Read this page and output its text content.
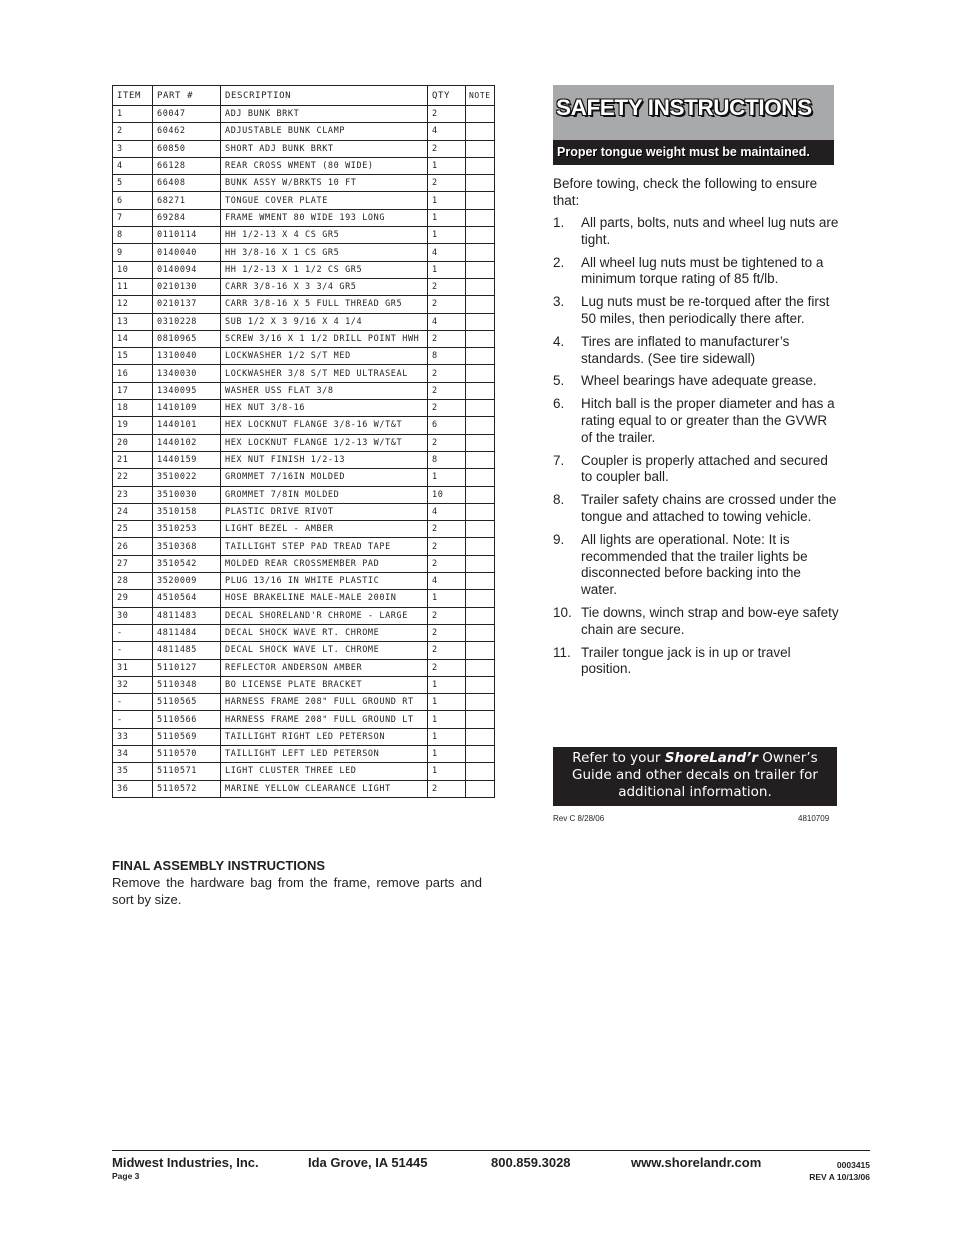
ITEM	PART #	DESCRIPTION	QTY	NOTE
1	60047	ADJ BUNK BRKT	2	
2	60462	ADJUSTABLE BUNK CLAMP	4	
3	60850	SHORT ADJ BUNK BRKT	2	
4	66128	REAR CROSS WMENT (80 WIDE)	1	
5	66408	BUNK ASSY W/BRKTS 10 FT	2	
6	68271	TONGUE COVER PLATE	1	
7	69284	FRAME WMENT 80 WIDE 193 LONG	1	
8	0110114	HH 1/2-13 X 4 CS GR5	1	
9	0140040	HH 3/8-16 X 1 CS GR5	4	
10	0140094	HH 1/2-13 X 1 1/2 CS GR5	1	
11	0210130	CARR 3/8-16 X 3 3/4 GR5	2	
12	0210137	CARR 3/8-16 X 5 FULL THREAD GR5	2	
13	0310228	SUB 1/2 X 3 9/16 X 4 1/4	4	
14	0810965	SCREW 3/16 X 1 1/2 DRILL POINT HWH	2	
15	1310040	LOCKWASHER 1/2 S/T MED	8	
16	1340030	LOCKWASHER 3/8 S/T MED ULTRASEAL	2	
17	1340095	WASHER USS FLAT 3/8	2	
18	1410109	HEX NUT 3/8-16	2	
19	1440101	HEX LOCKNUT FLANGE 3/8-16 W/T&T	6	
20	1440102	HEX LOCKNUT FLANGE 1/2-13 W/T&T	2	
21	1440159	HEX NUT FINISH 1/2-13	8	
22	3510022	GROMMET 7/16IN MOLDED	1	
23	3510030	GROMMET 7/8IN MOLDED	10	
24	3510158	PLASTIC DRIVE RIVOT	4	
25	3510253	LIGHT BEZEL - AMBER	2	
26	3510368	TAILLIGHT STEP PAD TREAD TAPE	2	
27	3510542	MOLDED REAR CROSSMEMBER PAD	2	
28	3520009	PLUG 13/16 IN WHITE PLASTIC	4	
29	4510564	HOSE BRAKELINE MALE-MALE 200IN	1	
30	4811483	DECAL SHORELAND'R CHROME - LARGE	2	
-	4811484	DECAL SHOCK WAVE RT. CHROME	2	
-	4811485	DECAL SHOCK WAVE LT. CHROME	2	
31	5110127	REFLECTOR ANDERSON AMBER	2	
32	5110348	BO LICENSE PLATE BRACKET	1	
-	5110565	HARNESS FRAME 208" FULL GROUND RT	1	
-	5110566	HARNESS FRAME 208" FULL GROUND LT	1	
33	5110569	TAILLIGHT RIGHT LED PETERSON	1	
34	5110570	TAILLIGHT LEFT LED PETERSON	1	
35	5110571	LIGHT CLUSTER THREE LED	1	
36	5110572	MARINE YELLOW CLEARANCE LIGHT	2	
FINAL ASSEMBLY INSTRUCTIONS
Remove the hardware bag from the frame, remove parts and sort by size.
SAFETY INSTRUCTIONS
Proper tongue weight must be maintained.
Before towing, check the following to ensure that:
1. All parts, bolts, nuts and wheel lug nuts are tight.
2. All wheel lug nuts must be tightened to a minimum torque rating of 85 ft/lb.
3. Lug nuts must be re-torqued after the first 50 miles, then periodically there after.
4. Tires are inflated to manufacturer’s standards. (See tire sidewall)
5. Wheel bearings have adequate grease.
6. Hitch ball is the proper diameter and has a rating equal to or greater than the GVWR of the trailer.
7. Coupler is properly attached and secured to coupler ball.
8. Trailer safety chains are crossed under the tongue and attached to towing vehicle.
9. All lights are operational. Note: It is recommended that the trailer lights be disconnected before backing into the water.
10. Tie downs, winch strap and bow-eye safety chain are secure.
11. Trailer tongue jack is in up or travel position.
Refer to your ShoreLand’r Owner’s Guide and other decals on trailer for additional information.
Rev C 8/28/06	4810709
Midwest Industries, Inc.	Ida Grove, IA 51445	800.859.3028	www.shorelandr.com
Page 3
0003415
REV A 10/13/06
